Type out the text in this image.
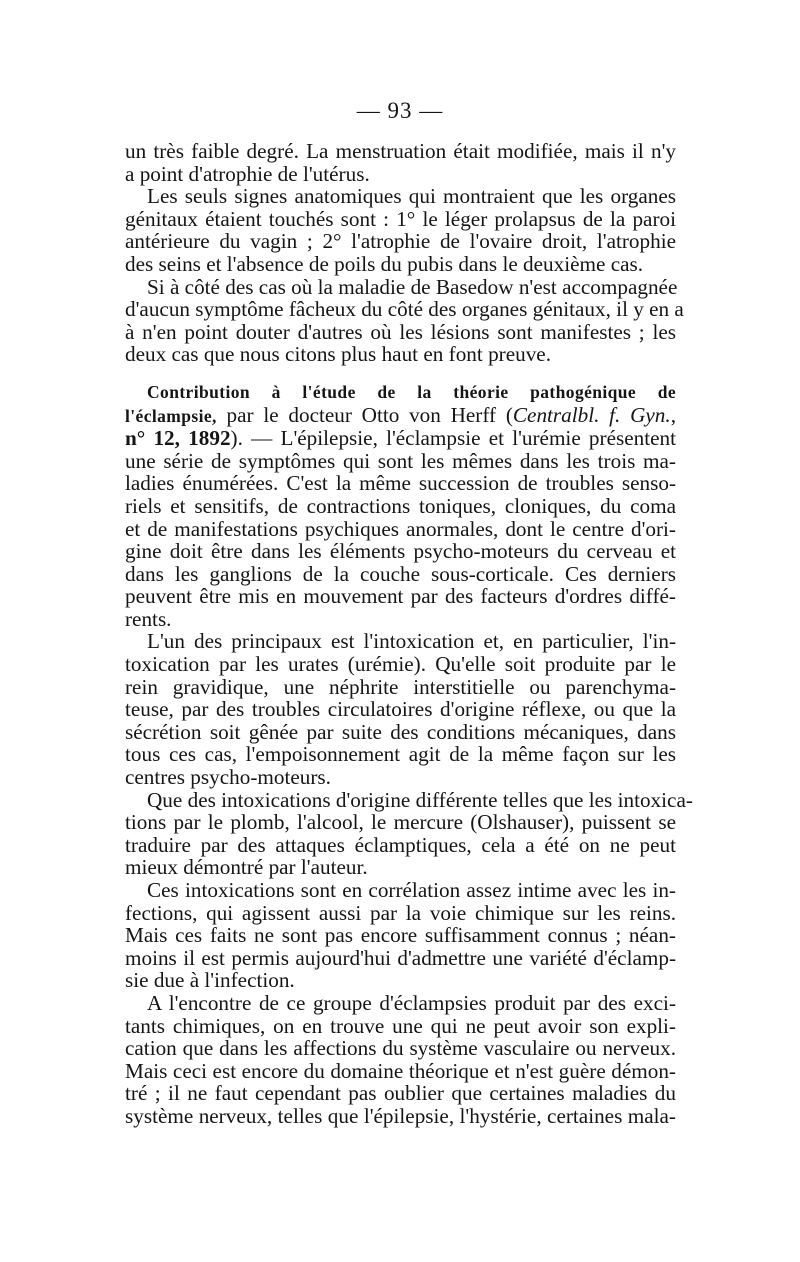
— 93 —
un très faible degré. La menstruation était modifiée, mais il n'y
a point d'atrophie de l'utérus.
Les seuls signes anatomiques qui montraient que les organes
génitaux étaient touchés sont : 1° le léger prolapsus de la paroi
antérieure du vagin ; 2° l'atrophie de l'ovaire droit, l'atrophie
des seins et l'absence de poils du pubis dans le deuxième cas.
Si à côté des cas où la maladie de Basedow n'est accompagnée
d'aucun symptôme fâcheux du côté des organes génitaux, il y en a
à n'en point douter d'autres où les lésions sont manifestes ; les
deux cas que nous citons plus haut en font preuve.
Contribution à l'étude de la théorie pathogénique de
l'éclampsie, par le docteur Otto von Herff (Centralbl. f. Gyn.,
n° 12, 1892). — L'épilepsie, l'éclampsie et l'urémie présentent
une série de symptômes qui sont les mêmes dans les trois ma-
ladies énumérées. C'est la même succession de troubles senso-
riels et sensitifs, de contractions toniques, cloniques, du coma
et de manifestations psychiques anormales, dont le centre d'ori-
gine doit être dans les éléments psycho-moteurs du cerveau et
dans les ganglions de la couche sous-corticale. Ces derniers
peuvent être mis en mouvement par des facteurs d'ordres diffé-
rents.
L'un des principaux est l'intoxication et, en particulier, l'in-
toxication par les urates (urémie). Qu'elle soit produite par le
rein gravidique, une néphrite interstitielle ou parenchyma-
teuse, par des troubles circulatoires d'origine réflexe, ou que la
sécrétion soit gênée par suite des conditions mécaniques, dans
tous ces cas, l'empoisonnement agit de la même façon sur les
centres psycho-moteurs.
Que des intoxications d'origine différente telles que les intoxica-
tions par le plomb, l'alcool, le mercure (Olshauser), puissent se
traduire par des attaques éclamptiques, cela a été on ne peut
mieux démontré par l'auteur.
Ces intoxications sont en corrélation assez intime avec les in-
fections, qui agissent aussi par la voie chimique sur les reins.
Mais ces faits ne sont pas encore suffisamment connus ; néan-
moins il est permis aujourd'hui d'admettre une variété d'éclamp-
sie due à l'infection.
A l'encontre de ce groupe d'éclampsies produit par des exci-
tants chimiques, on en trouve une qui ne peut avoir son expli-
cation que dans les affections du système vasculaire ou nerveux.
Mais ceci est encore du domaine théorique et n'est guère démon-
tré ; il ne faut cependant pas oublier que certaines maladies du
système nerveux, telles que l'épilepsie, l'hystérie, certaines mala-
